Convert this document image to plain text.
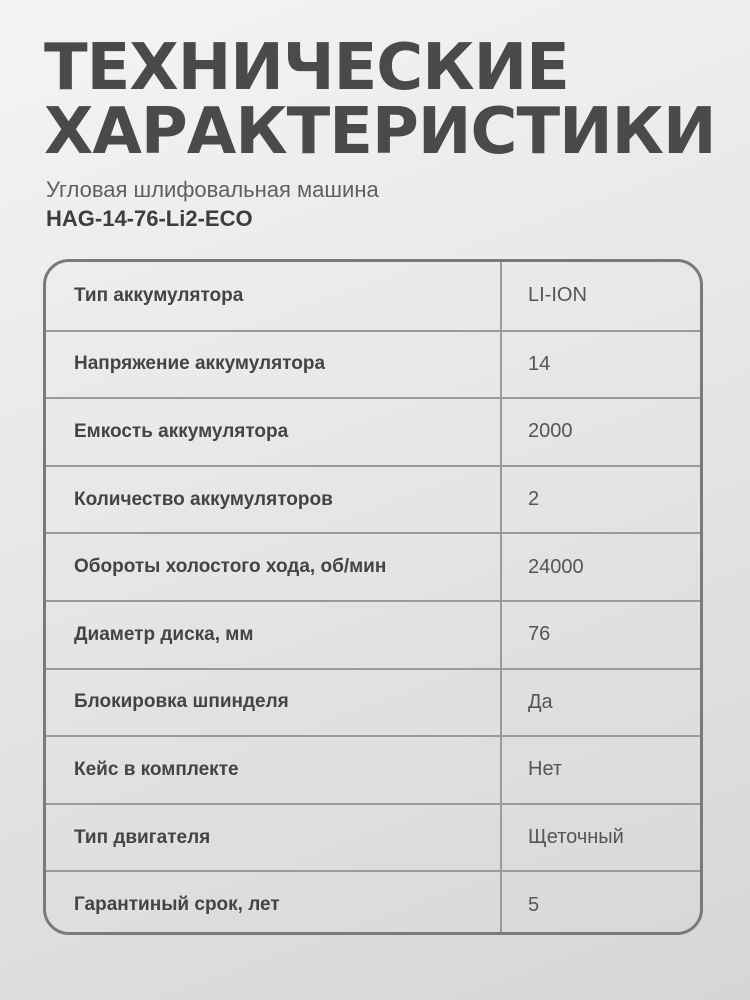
ТЕХНИЧЕСКИЕ
ХАРАКТЕРИСТИКИ
Угловая шлифовальная машина
HAG-14-76-Li2-ECO
Тип аккумулятора	LI-ION
Напряжение аккумулятора	14
Емкость аккумулятора	2000
Количество аккумуляторов	2
Обороты холостого хода, об/мин	24000
Диаметр диска, мм	76
Блокировка шпинделя	Да
Кейс в комплекте	Нет
Тип двигателя	Щеточный
Гарантиный срок, лет	5
